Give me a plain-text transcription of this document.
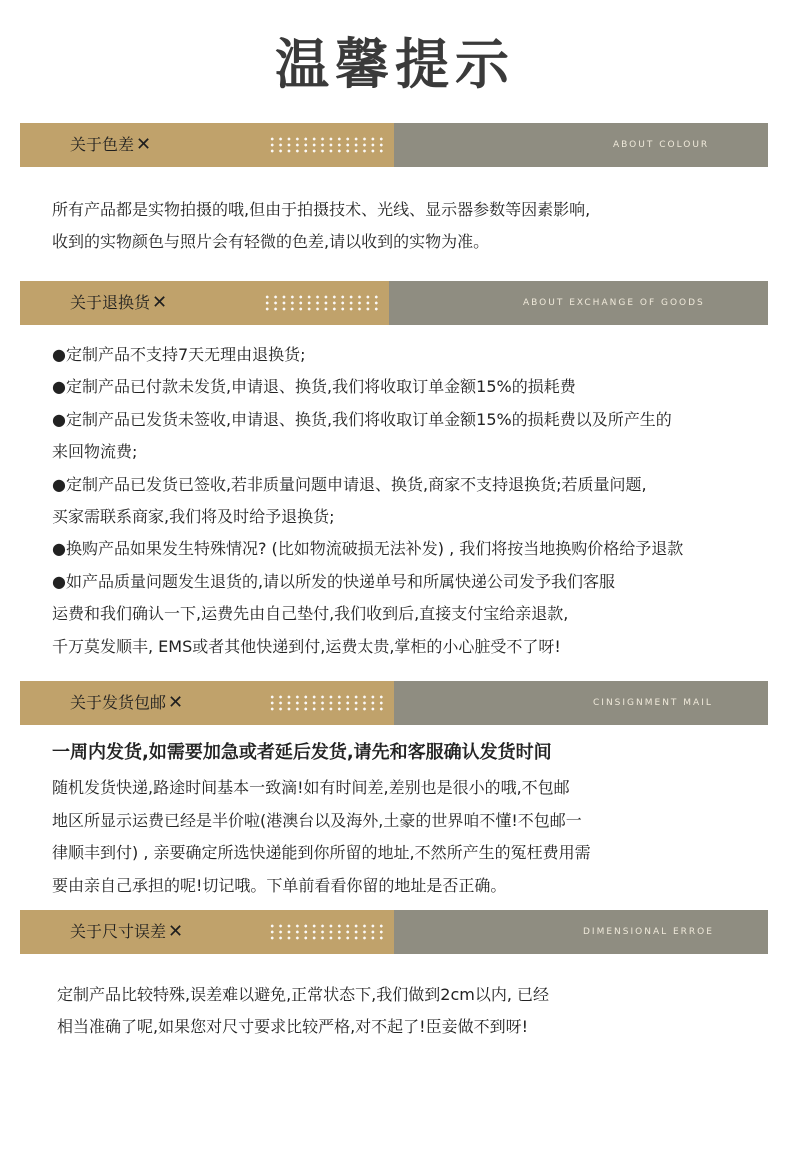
温馨提示
关于色差 ✕	ABOUT COLOUR
所有产品都是实物拍摄的哦,但由于拍摄技术、光线、显示器参数等因素影响,
收到的实物颜色与照片会有轻微的色差,请以收到的实物为准。
关于退换货 ✕	ABOUT EXCHANGE OF GOODS
●定制产品不支持7天无理由退换货;
●定制产品已付款未发货,申请退、换货,我们将收取订单金额15%的损耗费
●定制产品已发货未签收,申请退、换货,我们将收取订单金额15%的损耗费以及所产生的
来回物流费;
●定制产品已发货已签收,若非质量问题申请退、换货,商家不支持退换货;若质量问题,
买家需联系商家,我们将及时给予退换货;
●换购产品如果发生特殊情况? (比如物流破损无法补发) , 我们将按当地换购价格给予退款
●如产品质量问题发生退货的,请以所发的快递单号和所属快递公司发予我们客服
运费和我们确认一下,运费先由自己垫付,我们收到后,直接支付宝给亲退款,
千万莫发顺丰, EMS或者其他快递到付,运费太贵,掌柜的小心脏受不了呀!
关于发货包邮 ✕	CINSIGNMENT MAIL
一周内发货,如需要加急或者延后发货,请先和客服确认发货时间
随机发货快递,路途时间基本一致滴!如有时间差,差别也是很小的哦,不包邮
地区所显示运费已经是半价啦(港澳台以及海外,土豪的世界咱不懂!不包邮一
律顺丰到付) , 亲要确定所选快递能到你所留的地址,不然所产生的冤枉费用需
要由亲自己承担的呢!切记哦。下单前看看你留的地址是否正确。
关于尺寸误差 ✕	DIMENSIONAL ERROE
定制产品比较特殊,误差难以避免,正常状态下,我们做到2cm以内, 已经
相当准确了呢,如果您对尺寸要求比较严格,对不起了!臣妾做不到呀!
